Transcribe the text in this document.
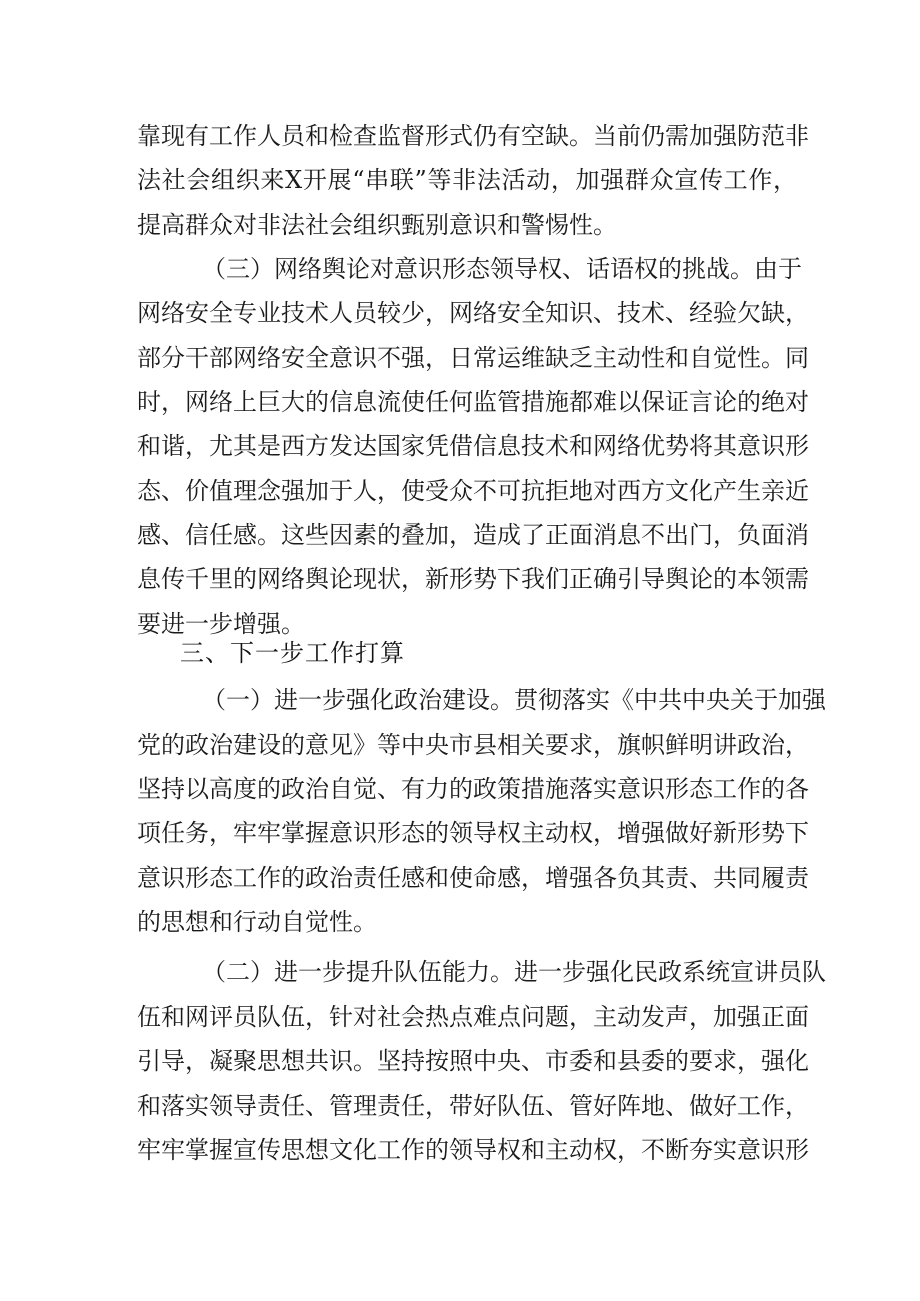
靠现有工作人员和检查监督形式仍有空缺。当前仍需加强防范非
法社会组织来X开展“串联”等非法活动，加强群众宣传工作，
提高群众对非法社会组织甄别意识和警惕性。
（三）网络舆论对意识形态领导权、话语权的挑战。由于
网络安全专业技术人员较少，网络安全知识、技术、经验欠缺，
部分干部网络安全意识不强，日常运维缺乏主动性和自觉性。同
时，网络上巨大的信息流使任何监管措施都难以保证言论的绝对
和谐，尤其是西方发达国家凭借信息技术和网络优势将其意识形
态、价值理念强加于人，使受众不可抗拒地对西方文化产生亲近
感、信任感。这些因素的叠加，造成了正面消息不出门，负面消
息传千里的网络舆论现状，新形势下我们正确引导舆论的本领需
要进一步增强。
三、下一步工作打算
（一）进一步强化政治建设。贯彻落实《中共中央关于加强
党的政治建设的意见》等中央市县相关要求，旗帜鲜明讲政治，
坚持以高度的政治自觉、有力的政策措施落实意识形态工作的各
项任务，牢牢掌握意识形态的领导权主动权，增强做好新形势下
意识形态工作的政治责任感和使命感，增强各负其责、共同履责
的思想和行动自觉性。
（二）进一步提升队伍能力。进一步强化民政系统宣讲员队
伍和网评员队伍，针对社会热点难点问题，主动发声，加强正面
引导，凝聚思想共识。坚持按照中央、市委和县委的要求，强化
和落实领导责任、管理责任，带好队伍、管好阵地、做好工作，
牢牢掌握宣传思想文化工作的领导权和主动权，不断夯实意识形
